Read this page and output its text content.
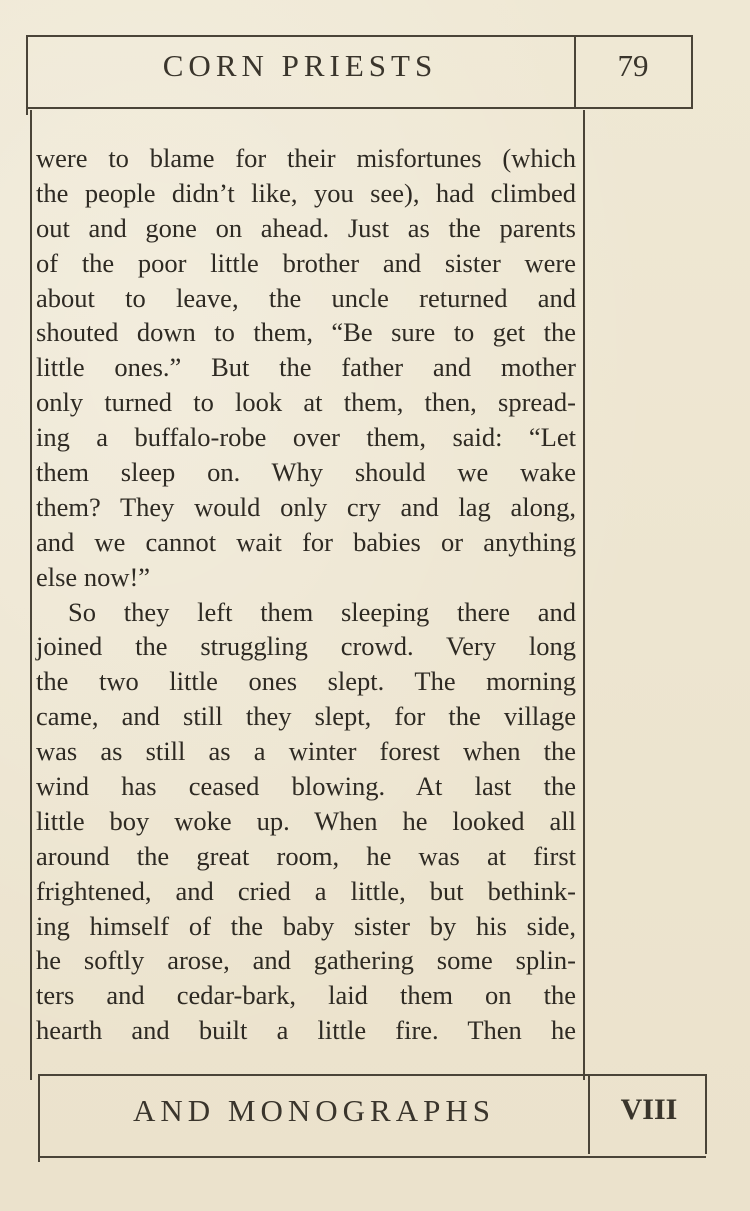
CORN PRIESTS	79
were to blame for their misfortunes (which
the people didn’t like, you see), had climbed
out and gone on ahead. Just as the parents
of the poor little brother and sister were
about to leave, the uncle returned and
shouted down to them, “Be sure to get the
little ones.” But the father and mother
only turned to look at them, then, spread-
ing a buffalo-robe over them, said: “Let
them sleep on. Why should we wake
them? They would only cry and lag along,
and we cannot wait for babies or anything
else now!”
So they left them sleeping there and
joined the struggling crowd. Very long
the two little ones slept. The morning
came, and still they slept, for the village
was as still as a winter forest when the
wind has ceased blowing. At last the
little boy woke up. When he looked all
around the great room, he was at first
frightened, and cried a little, but bethink-
ing himself of the baby sister by his side,
he softly arose, and gathering some splin-
ters and cedar-bark, laid them on the
hearth and built a little fire. Then he
AND MONOGRAPHS	VIII
